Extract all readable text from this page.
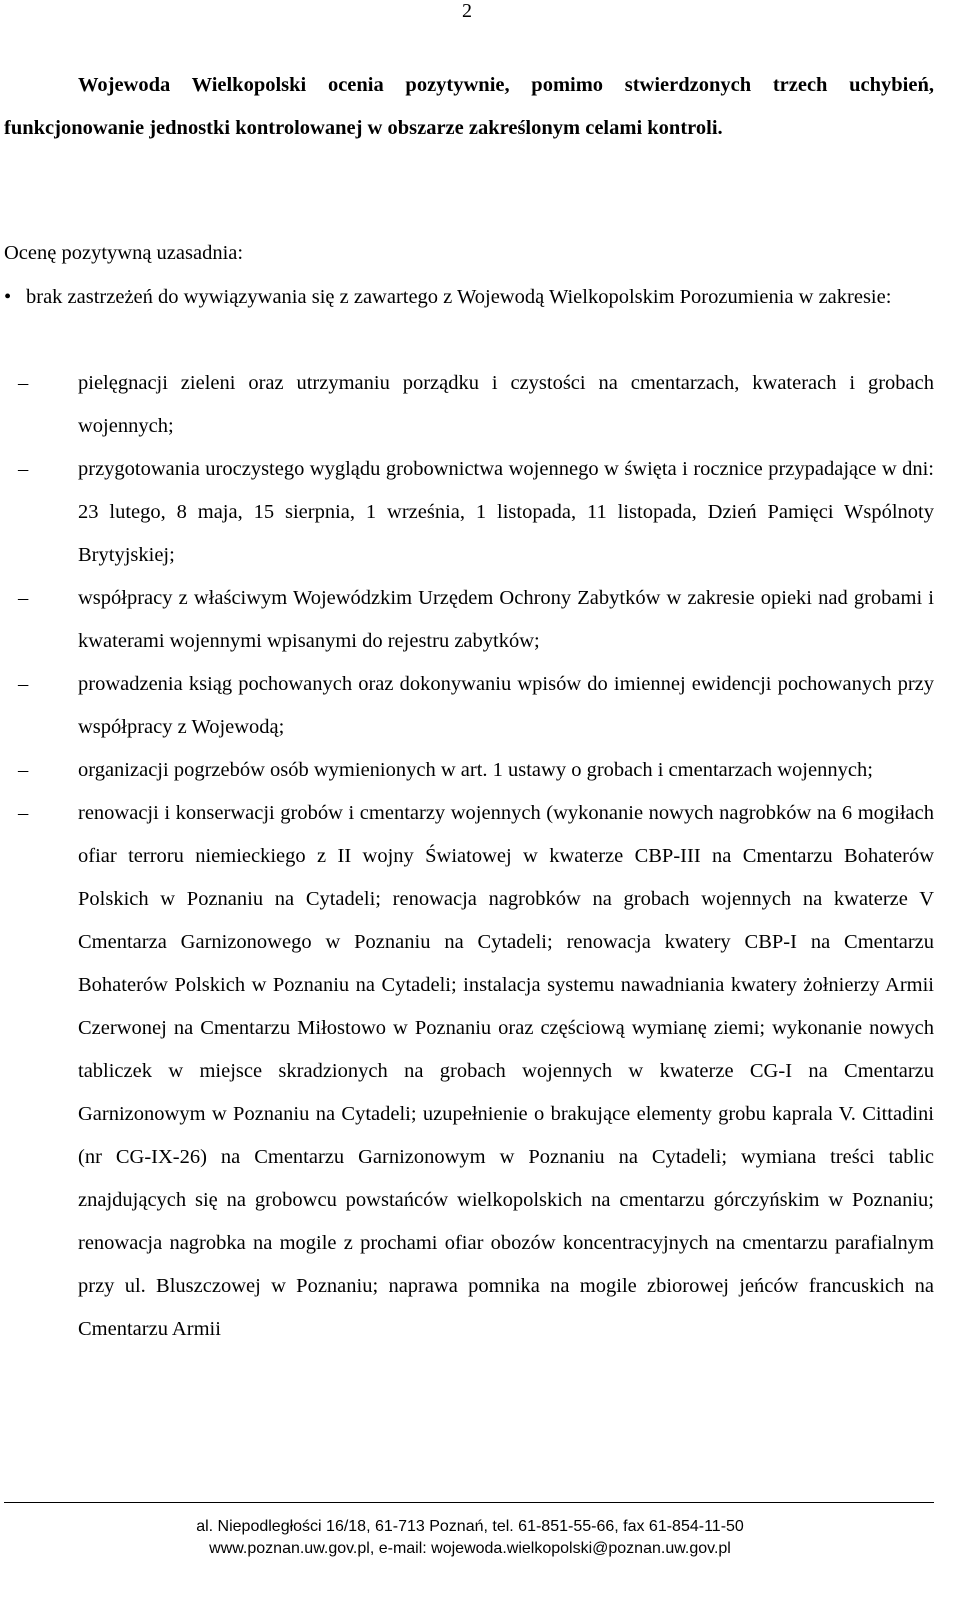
2
Wojewoda Wielkopolski ocenia pozytywnie, pomimo stwierdzonych trzech uchybień, funkcjonowanie jednostki kontrolowanej w obszarze zakreślonym celami kontroli.
Ocenę pozytywną uzasadnia:
• brak zastrzeżeń do wywiązywania się z zawartego z Wojewodą Wielkopolskim Porozumienia w zakresie:
– pielęgnacji zieleni oraz utrzymaniu porządku i czystości na cmentarzach, kwaterach i grobach wojennych;
– przygotowania uroczystego wyglądu grobownictwa wojennego w święta i rocznice przypadające w dni: 23 lutego, 8 maja, 15 sierpnia, 1 września, 1 listopada, 11 listopada, Dzień Pamięci Wspólnoty Brytyjskiej;
– współpracy z właściwym Wojewódzkim Urzędem Ochrony Zabytków w zakresie opieki nad grobami i kwaterami wojennymi wpisanymi do rejestru zabytków;
– prowadzenia ksiąg pochowanych oraz dokonywaniu wpisów do imiennej ewidencji pochowanych przy współpracy z Wojewodą;
– organizacji pogrzebów osób wymienionych w art. 1 ustawy o grobach i cmentarzach wojennych;
– renowacji i konserwacji grobów i cmentarzy wojennych (wykonanie nowych nagrobków na 6 mogiłach ofiar terroru niemieckiego z II wojny Światowej w kwaterze CBP-III na Cmentarzu Bohaterów Polskich w Poznaniu na Cytadeli; renowacja nagrobków na grobach wojennych na kwaterze V Cmentarza Garnizonowego w Poznaniu na Cytadeli; renowacja kwatery CBP-I na Cmentarzu Bohaterów Polskich w Poznaniu na Cytadeli; instalacja systemu nawadniania kwatery żołnierzy Armii Czerwonej na Cmentarzu Miłostowo w Poznaniu oraz częściową wymianę ziemi; wykonanie nowych tabliczek w miejsce skradzionych na grobach wojennych w kwaterze CG-I na Cmentarzu Garnizonowym w Poznaniu na Cytadeli; uzupełnienie o brakujące elementy grobu kaprala V. Cittadini (nr CG-IX-26) na Cmentarzu Garnizonowym w Poznaniu na Cytadeli; wymiana treści tablic znajdujących się na grobowcu powstańców wielkopolskich na cmentarzu górczyńskim w Poznaniu; renowacja nagrobka na mogile z prochami ofiar obozów koncentracyjnych na cmentarzu parafialnym przy ul. Bluszczowej w Poznaniu; naprawa pomnika na mogile zbiorowej jeńców francuskich na Cmentarzu Armii
al. Niepodległości 16/18, 61-713 Poznań, tel. 61-851-55-66, fax 61-854-11-50
www.poznan.uw.gov.pl, e-mail: wojewoda.wielkopolski@poznan.uw.gov.pl
